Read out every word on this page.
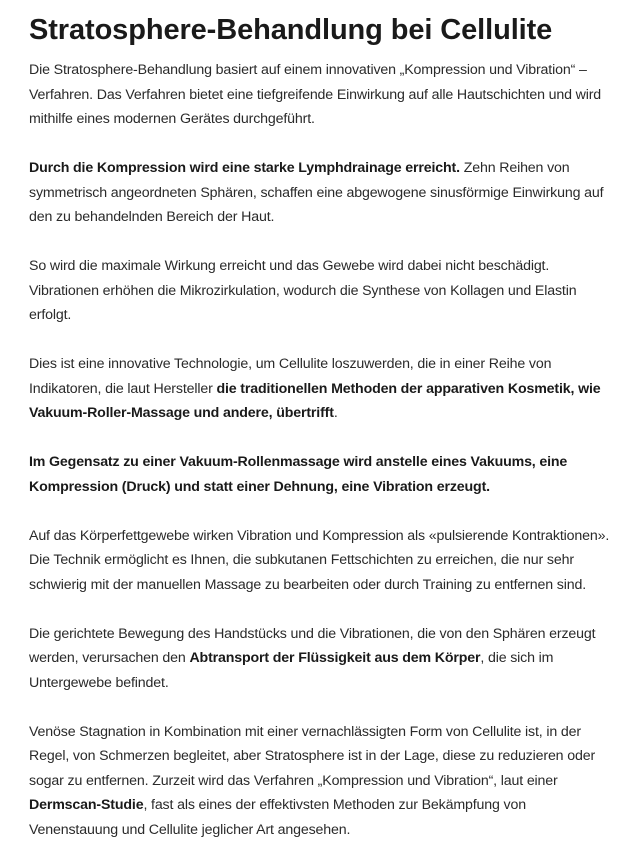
Stratosphere-Behandlung bei Cellulite

Die Stratosphere-Behandlung basiert auf einem innovativen „Kompression und Vibration“ – Verfahren. Das Verfahren bietet eine tiefgreifende Einwirkung auf alle Hautschichten und wird mithilfe eines modernen Gerätes durchgeführt.

Durch die Kompression wird eine starke Lymphdrainage erreicht. Zehn Reihen von symmetrisch angeordneten Sphären, schaffen eine abgewogene sinusförmige Einwirkung auf den zu behandelnden Bereich der Haut.

So wird die maximale Wirkung erreicht und das Gewebe wird dabei nicht beschädigt. Vibrationen erhöhen die Mikrozirkulation, wodurch die Synthese von Kollagen und Elastin erfolgt.

Dies ist eine innovative Technologie, um Cellulite loszuwerden, die in einer Reihe von Indikatoren, die laut Hersteller die traditionellen Methoden der apparativen Kosmetik, wie Vakuum-Roller-Massage und andere, übertrifft.

Im Gegensatz zu einer Vakuum-Rollenmassage wird anstelle eines Vakuums, eine Kompression (Druck) und statt einer Dehnung, eine Vibration erzeugt.

Auf das Körperfettgewebe wirken Vibration und Kompression als «pulsierende Kontraktionen». Die Technik ermöglicht es Ihnen, die subkutanen Fettschichten zu erreichen, die nur sehr schwierig mit der manuellen Massage zu bearbeiten oder durch Training zu entfernen sind.

Die gerichtete Bewegung des Handstücks und die Vibrationen, die von den Sphären erzeugt werden, verursachen den Abtransport der Flüssigkeit aus dem Körper, die sich im Untergewebe befindet.

Venöse Stagnation in Kombination mit einer vernachlässigten Form von Cellulite ist, in der Regel, von Schmerzen begleitet, aber Stratosphere ist in der Lage, diese zu reduzieren oder sogar zu entfernen. Zurzeit wird das Verfahren „Kompression und Vibration“, laut einer Dermscan-Studie, fast als eines der effektivsten Methoden zur Bekämpfung von Venenstauung und Cellulite jeglicher Art angesehen.
